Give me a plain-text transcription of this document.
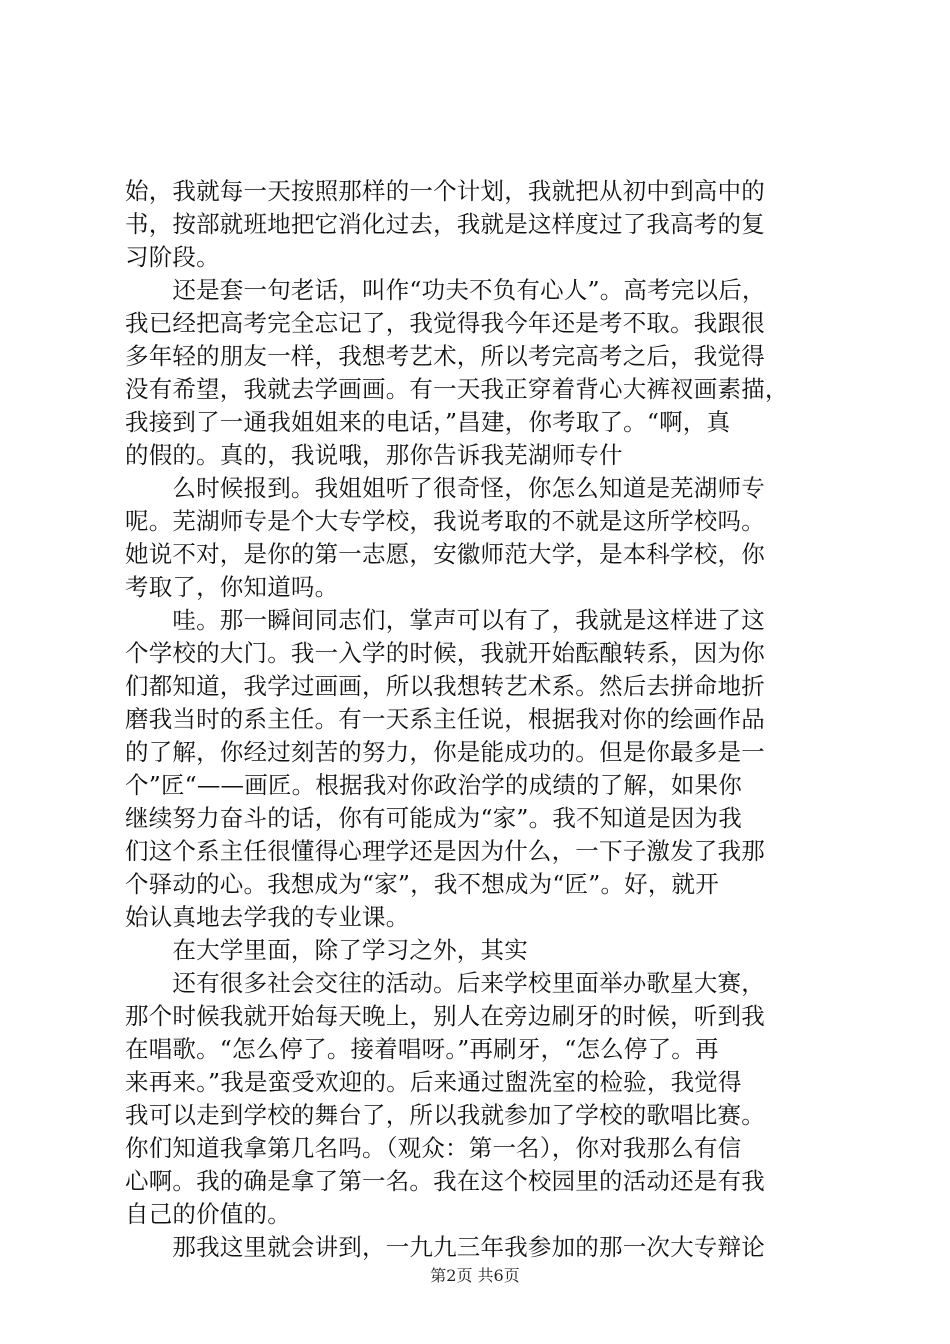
始，我就每一天按照那样的一个计划，我就把从初中到高中的
书，按部就班地把它消化过去，我就是这样度过了我高考的复
习阶段。
　　还是套一句老话，叫作“功夫不负有心人”。高考完以后，
我已经把高考完全忘记了，我觉得我今年还是考不取。我跟很
多年轻的朋友一样，我想考艺术，所以考完高考之后，我觉得
没有希望，我就去学画画。有一天我正穿着背心大裤衩画素描，
我接到了一通我姐姐来的电话，”昌建，你考取了。“啊，真
的假的。真的，我说哦，那你告诉我芜湖师专什
　　么时候报到。我姐姐听了很奇怪，你怎么知道是芜湖师专
呢。芜湖师专是个大专学校，我说考取的不就是这所学校吗。
她说不对，是你的第一志愿，安徽师范大学，是本科学校，你
考取了，你知道吗。
　　哇。那一瞬间同志们，掌声可以有了，我就是这样进了这
个学校的大门。我一入学的时候，我就开始酝酿转系，因为你
们都知道，我学过画画，所以我想转艺术系。然后去拼命地折
磨我当时的系主任。有一天系主任说，根据我对你的绘画作品
的了解，你经过刻苦的努力，你是能成功的。但是你最多是一
个”匠“——画匠。根据我对你政治学的成绩的了解，如果你
继续努力奋斗的话，你有可能成为“家”。我不知道是因为我
们这个系主任很懂得心理学还是因为什么，一下子激发了我那
个驿动的心。我想成为“家”，我不想成为“匠”。好，就开
始认真地去学我的专业课。
　　在大学里面，除了学习之外，其实
　　还有很多社会交往的活动。后来学校里面举办歌星大赛，
那个时候我就开始每天晚上，别人在旁边刷牙的时候，听到我
在唱歌。“怎么停了。接着唱呀。”再刷牙，“怎么停了。再
来再来。”我是蛮受欢迎的。后来通过盥洗室的检验，我觉得
我可以走到学校的舞台了，所以我就参加了学校的歌唱比赛。
你们知道我拿第几名吗。（观众：第一名），你对我那么有信
心啊。我的确是拿了第一名。我在这个校园里的活动还是有我
自己的价值的。
　　那我这里就会讲到，一九九三年我参加的那一次大专辩论
第2页 共6页
